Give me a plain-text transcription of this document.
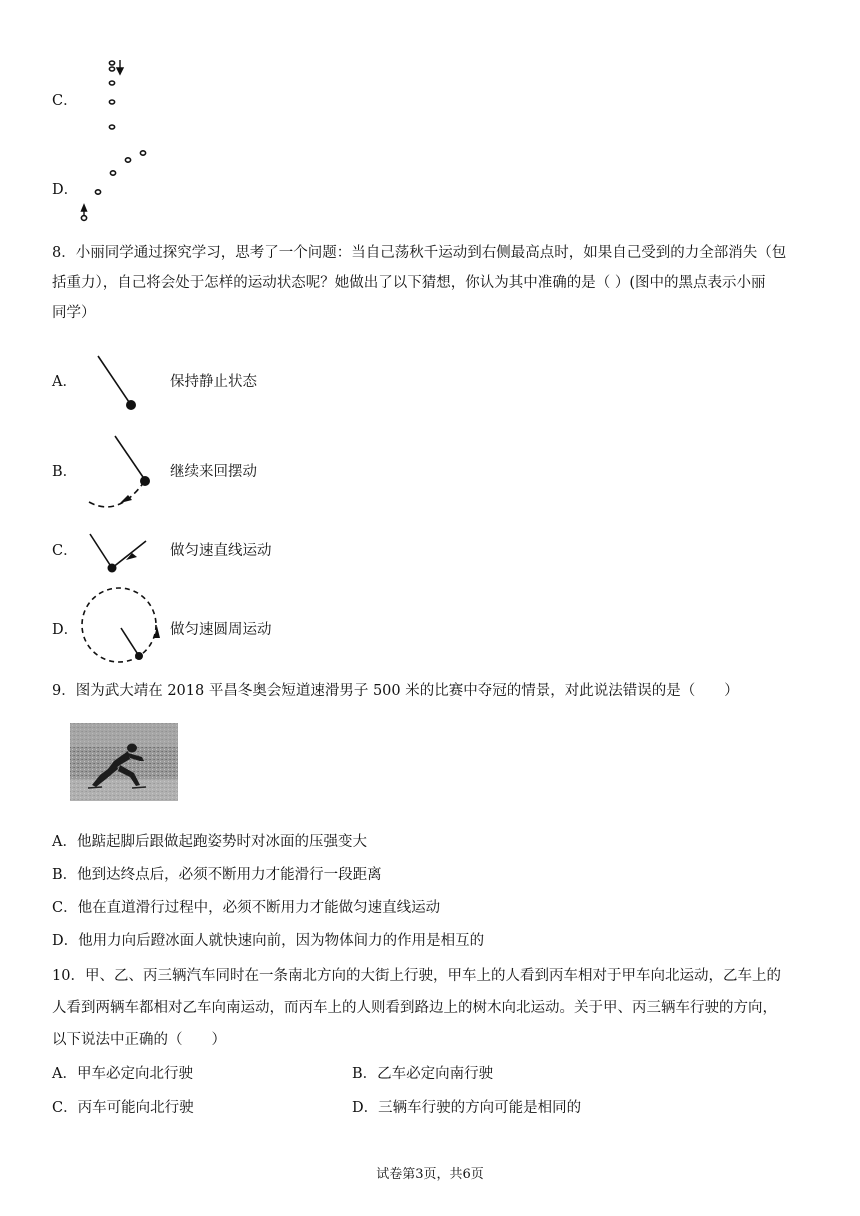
C．
D．
8．小丽同学通过探究学习，思考了一个问题：当自己荡秋千运动到右侧最高点时，如果自己受到的力全部消失（包
括重力），自己将会处于怎样的运动状态呢？她做出了以下猜想，你认为其中准确的是（ ）(图中的黑点表示小丽
同学）
A．	保持静止状态
B．	继续来回摆动
C．	做匀速直线运动
D．	做匀速圆周运动
9．图为武大靖在 2018 平昌冬奥会短道速滑男子 500 米的比赛中夺冠的情景，对此说法错误的是（　　）
A．他踮起脚后跟做起跑姿势时对冰面的压强变大
B．他到达终点后，必须不断用力才能滑行一段距离
C．他在直道滑行过程中，必须不断用力才能做匀速直线运动
D．他用力向后蹬冰面人就快速向前，因为物体间力的作用是相互的
10．甲、乙、丙三辆汽车同时在一条南北方向的大街上行驶，甲车上的人看到丙车相对于甲车向北运动，乙车上的
人看到两辆车都相对乙车向南运动，而丙车上的人则看到路边上的树木向北运动。关于甲、丙三辆车行驶的方向，
以下说法中正确的（　　）
A．甲车必定向北行驶	B．乙车必定向南行驶
C．丙车可能向北行驶	D．三辆车行驶的方向可能是相同的
试卷第3页，共6页
